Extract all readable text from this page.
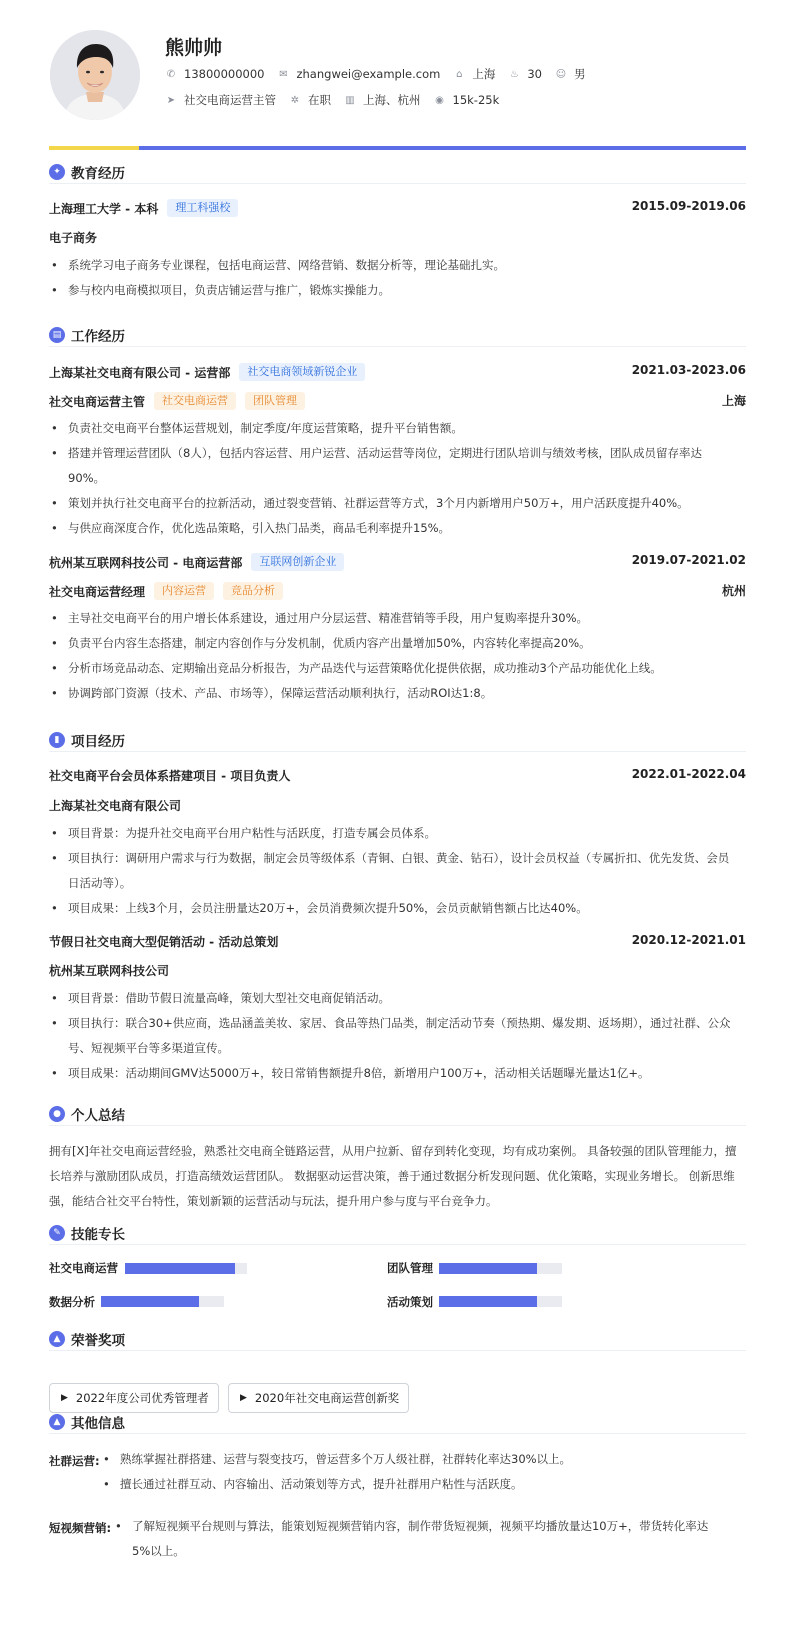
熊帅帅
✆ 13800000000 ✉ zhangwei@example.com ⌂ 上海 ♨ 30 ☺ 男
➤ 社交电商运营主管 ✲ 在职 ▥ 上海、杭州 ◉ 15k-25k
✦ 教育经历
上海理工大学 - 本科	理工科强校	2015.09-2019.06
电子商务
• 系统学习电子商务专业课程，包括电商运营、网络营销、数据分析等，理论基础扎实。
• 参与校内电商模拟项目，负责店铺运营与推广，锻炼实操能力。
▤ 工作经历
上海某社交电商有限公司 - 运营部	社交电商领域新锐企业	2021.03-2023.06
社交电商运营主管	社交电商运营	团队管理	上海
• 负责社交电商平台整体运营规划，制定季度/年度运营策略，提升平台销售额。
• 搭建并管理运营团队（8人），包括内容运营、用户运营、活动运营等岗位，定期进行团队培训与绩效考核，团队成员留存率达90%。
• 策划并执行社交电商平台的拉新活动，通过裂变营销、社群运营等方式，3个月内新增用户50万+，用户活跃度提升40%。
• 与供应商深度合作，优化选品策略，引入热门品类，商品毛利率提升15%。
杭州某互联网科技公司 - 电商运营部	互联网创新企业	2019.07-2021.02
社交电商运营经理	内容运营	竞品分析	杭州
• 主导社交电商平台的用户增长体系建设，通过用户分层运营、精准营销等手段，用户复购率提升30%。
• 负责平台内容生态搭建，制定内容创作与分发机制，优质内容产出量增加50%，内容转化率提高20%。
• 分析市场竞品动态、定期输出竞品分析报告，为产品迭代与运营策略优化提供依据，成功推动3个产品功能优化上线。
• 协调跨部门资源（技术、产品、市场等），保障运营活动顺利执行，活动ROI达1:8。
▮ 项目经历
社交电商平台会员体系搭建项目 - 项目负责人	2022.01-2022.04
上海某社交电商有限公司
• 项目背景：为提升社交电商平台用户粘性与活跃度，打造专属会员体系。
• 项目执行：调研用户需求与行为数据，制定会员等级体系（青铜、白银、黄金、钻石），设计会员权益（专属折扣、优先发货、会员日活动等）。
• 项目成果：上线3个月，会员注册量达20万+，会员消费频次提升50%，会员贡献销售额占比达40%。
节假日社交电商大型促销活动 - 活动总策划	2020.12-2021.01
杭州某互联网科技公司
• 项目背景：借助节假日流量高峰，策划大型社交电商促销活动。
• 项目执行：联合30+供应商，选品涵盖美妆、家居、食品等热门品类，制定活动节奏（预热期、爆发期、返场期），通过社群、公众号、短视频平台等多渠道宣传。
• 项目成果：活动期间GMV达5000万+，较日常销售额提升8倍，新增用户100万+，活动相关话题曝光量达1亿+。
● 个人总结
拥有[X]年社交电商运营经验，熟悉社交电商全链路运营，从用户拉新、留存到转化变现，均有成功案例。 具备较强的团队管理能力，擅长培养与激励团队成员，打造高绩效运营团队。 数据驱动运营决策，善于通过数据分析发现问题、优化策略，实现业务增长。 创新思维强，能结合社交平台特性，策划新颖的运营活动与玩法，提升用户参与度与平台竞争力。
✎ 技能专长
社交电商运营	团队管理
数据分析	活动策划
▲ 荣誉奖项
▶ 2022年度公司优秀管理者	▶ 2020年社交电商运营创新奖
▲ 其他信息
社群运营:	• 熟练掌握社群搭建、运营与裂变技巧，曾运营多个万人级社群，社群转化率达30%以上。
• 擅长通过社群互动、内容输出、活动策划等方式，提升社群用户粘性与活跃度。
短视频营销:	• 了解短视频平台规则与算法，能策划短视频营销内容，制作带货短视频，视频平均播放量达10万+，带货转化率达5%以上。
